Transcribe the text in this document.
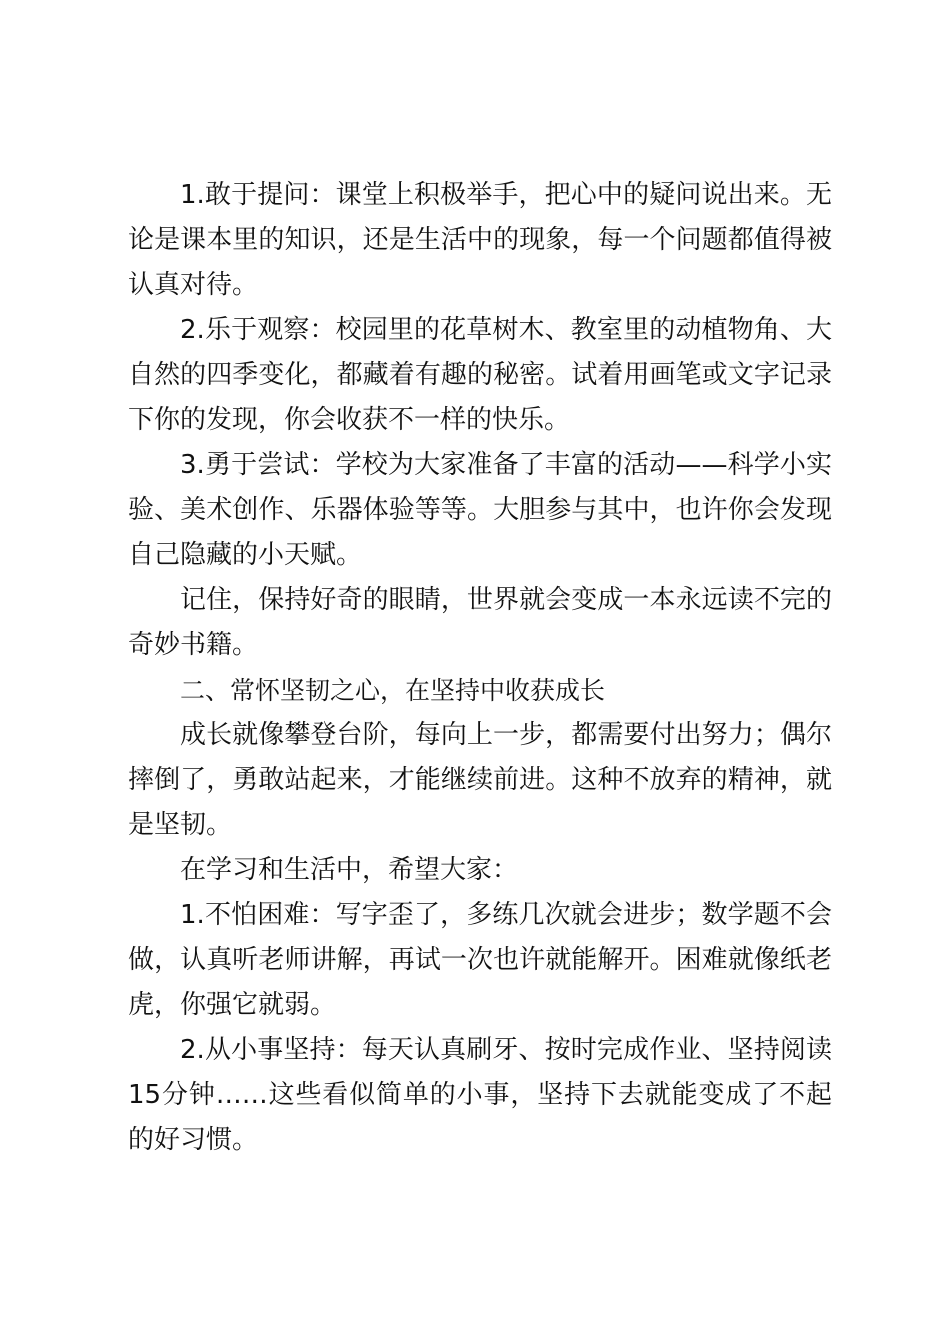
1.敢于提问：课堂上积极举手，把心中的疑问说出来。无论是课本里的知识，还是生活中的现象，每一个问题都值得被认真对待。

2.乐于观察：校园里的花草树木、教室里的动植物角、大自然的四季变化，都藏着有趣的秘密。试着用画笔或文字记录下你的发现，你会收获不一样的快乐。

3.勇于尝试：学校为大家准备了丰富的活动——科学小实验、美术创作、乐器体验等等。大胆参与其中，也许你会发现自己隐藏的小天赋。

记住，保持好奇的眼睛，世界就会变成一本永远读不完的奇妙书籍。

二、常怀坚韧之心，在坚持中收获成长

成长就像攀登台阶，每向上一步，都需要付出努力；偶尔摔倒了，勇敢站起来，才能继续前进。这种不放弃的精神，就是坚韧。

在学习和生活中，希望大家：

1.不怕困难：写字歪了，多练几次就会进步；数学题不会做，认真听老师讲解，再试一次也许就能解开。困难就像纸老虎，你强它就弱。

2.从小事坚持：每天认真刷牙、按时完成作业、坚持阅读15分钟……这些看似简单的小事，坚持下去就能变成了不起的好习惯。
